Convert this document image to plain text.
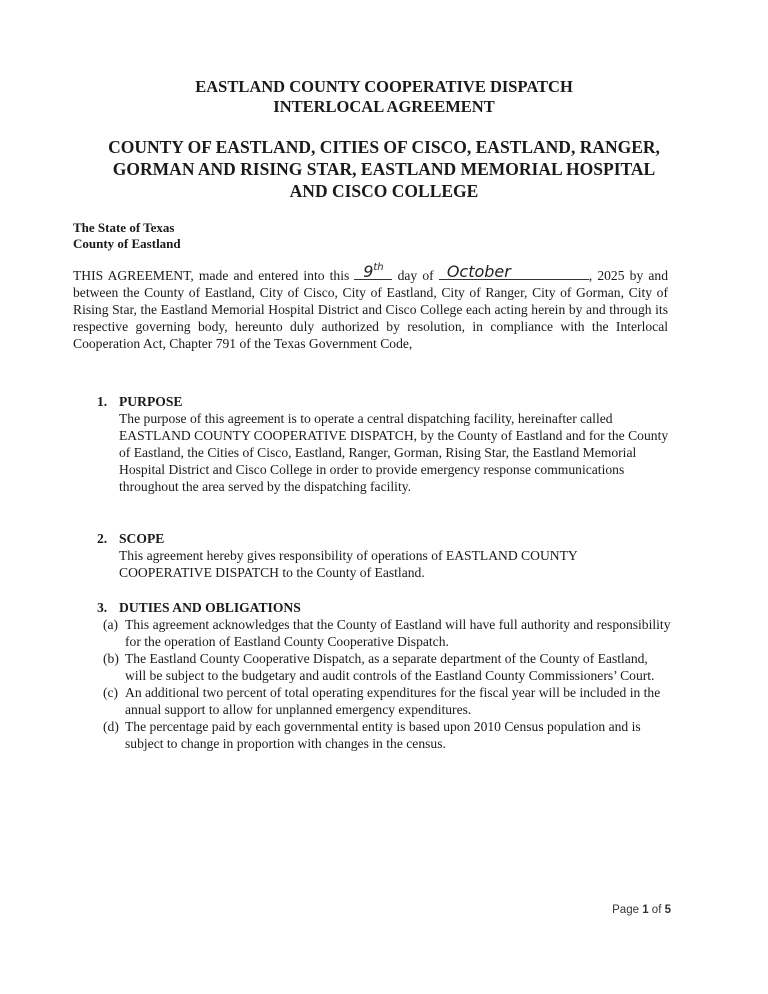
EASTLAND COUNTY COOPERATIVE DISPATCH
INTERLOCAL AGREEMENT
COUNTY OF EASTLAND, CITIES OF CISCO, EASTLAND, RANGER,
GORMAN AND RISING STAR, EASTLAND MEMORIAL HOSPITAL
AND CISCO COLLEGE
The State of Texas
County of Eastland
THIS AGREEMENT, made and entered into this 9th day of October	, 2025 by and between the County of Eastland, City of Cisco, City of Eastland, City of Ranger, City of Gorman, City of Rising Star, the Eastland Memorial Hospital District and Cisco College each acting herein by and through its respective governing body, hereunto duly authorized by resolution, in compliance with the Interlocal Cooperation Act, Chapter 791 of the Texas Government Code,
1. PURPOSE
The purpose of this agreement is to operate a central dispatching facility, hereinafter called EASTLAND COUNTY COOPERATIVE DISPATCH, by the County of Eastland and for the County of Eastland, the Cities of Cisco, Eastland, Ranger, Gorman, Rising Star, the Eastland Memorial Hospital District and Cisco College in order to provide emergency response communications throughout the area served by the dispatching facility.
2. SCOPE
This agreement hereby gives responsibility of operations of EASTLAND COUNTY COOPERATIVE DISPATCH to the County of Eastland.
3. DUTIES AND OBLIGATIONS
(a) This agreement acknowledges that the County of Eastland will have full authority and responsibility for the operation of Eastland County Cooperative Dispatch.
(b) The Eastland County Cooperative Dispatch, as a separate department of the County of Eastland, will be subject to the budgetary and audit controls of the Eastland County Commissioners’ Court.
(c) An additional two percent of total operating expenditures for the fiscal year will be included in the annual support to allow for unplanned emergency expenditures.
(d) The percentage paid by each governmental entity is based upon 2010 Census population and is subject to change in proportion with changes in the census.
Page 1 of 5
